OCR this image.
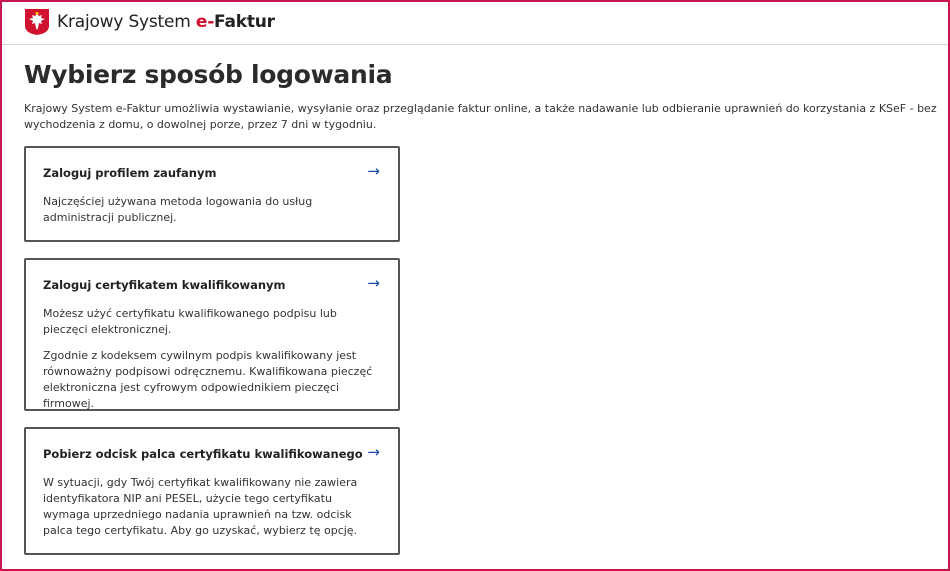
Krajowy System e-Faktur
Wybierz sposób logowania

Krajowy System e-Faktur umożliwia wystawianie, wysyłanie oraz przeglądanie faktur online, a także nadawanie lub odbieranie uprawnień do korzystania z KSeF - bez wychodzenia z domu, o dowolnej porze, przez 7 dni w tygodniu.

Zaloguj profilem zaufanym	→

Najczęściej używana metoda logowania do usług administracji publicznej.

Zaloguj certyfikatem kwalifikowanym	→

Możesz użyć certyfikatu kwalifikowanego podpisu lub pieczęci elektronicznej.

Zgodnie z kodeksem cywilnym podpis kwalifikowany jest równoważny podpisowi odręcznemu. Kwalifikowana pieczęć elektroniczna jest cyfrowym odpowiednikiem pieczęci firmowej.

Pobierz odcisk palca certyfikatu kwalifikowanego →

W sytuacji, gdy Twój certyfikat kwalifikowany nie zawiera identyfikatora NIP ani PESEL, użycie tego certyfikatu wymaga uprzedniego nadania uprawnień na tzw. odcisk palca tego certyfikatu. Aby go uzyskać, wybierz tę opcję.
